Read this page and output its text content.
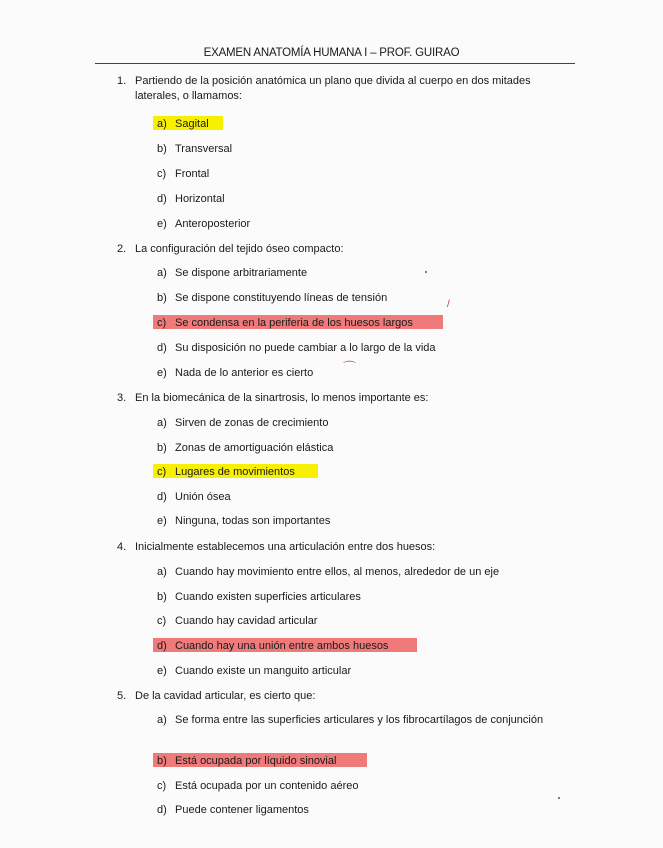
EXAMEN ANATOMÍA HUMANA I – PROF. GUIRAO
1. Partiendo de la posición anatómica un plano que divida al cuerpo en dos mitades laterales, o llamamos:
a) Sagital
b) Transversal
c) Frontal
d) Horizontal
e) Anteroposterior
2. La configuración del tejido óseo compacto:
a) Se dispone arbitrariamente
b) Se dispone constituyendo líneas de tensión
c) Se condensa en la periferia de los huesos largos
d) Su disposición no puede cambiar a lo largo de la vida
e) Nada de lo anterior es cierto
3. En la biomecánica de la sinartrosis, lo menos importante es:
a) Sirven de zonas de crecimiento
b) Zonas de amortiguación elástica
c) Lugares de movimientos
d) Unión ósea
e) Ninguna, todas son importantes
4. Inicialmente establecemos una articulación entre dos huesos:
a) Cuando hay movimiento entre ellos, al menos, alrededor de un eje
b) Cuando existen superficies articulares
c) Cuando hay cavidad articular
d) Cuando hay una unión entre ambos huesos
e) Cuando existe un manguito articular
5. De la cavidad articular, es cierto que:
a) Se forma entre las superficies articulares y los fibrocartílagos de conjunción
b) Está ocupada por líquido sinovial
c) Está ocupada por un contenido aéreo
d) Puede contener ligamentos
⌒
/
